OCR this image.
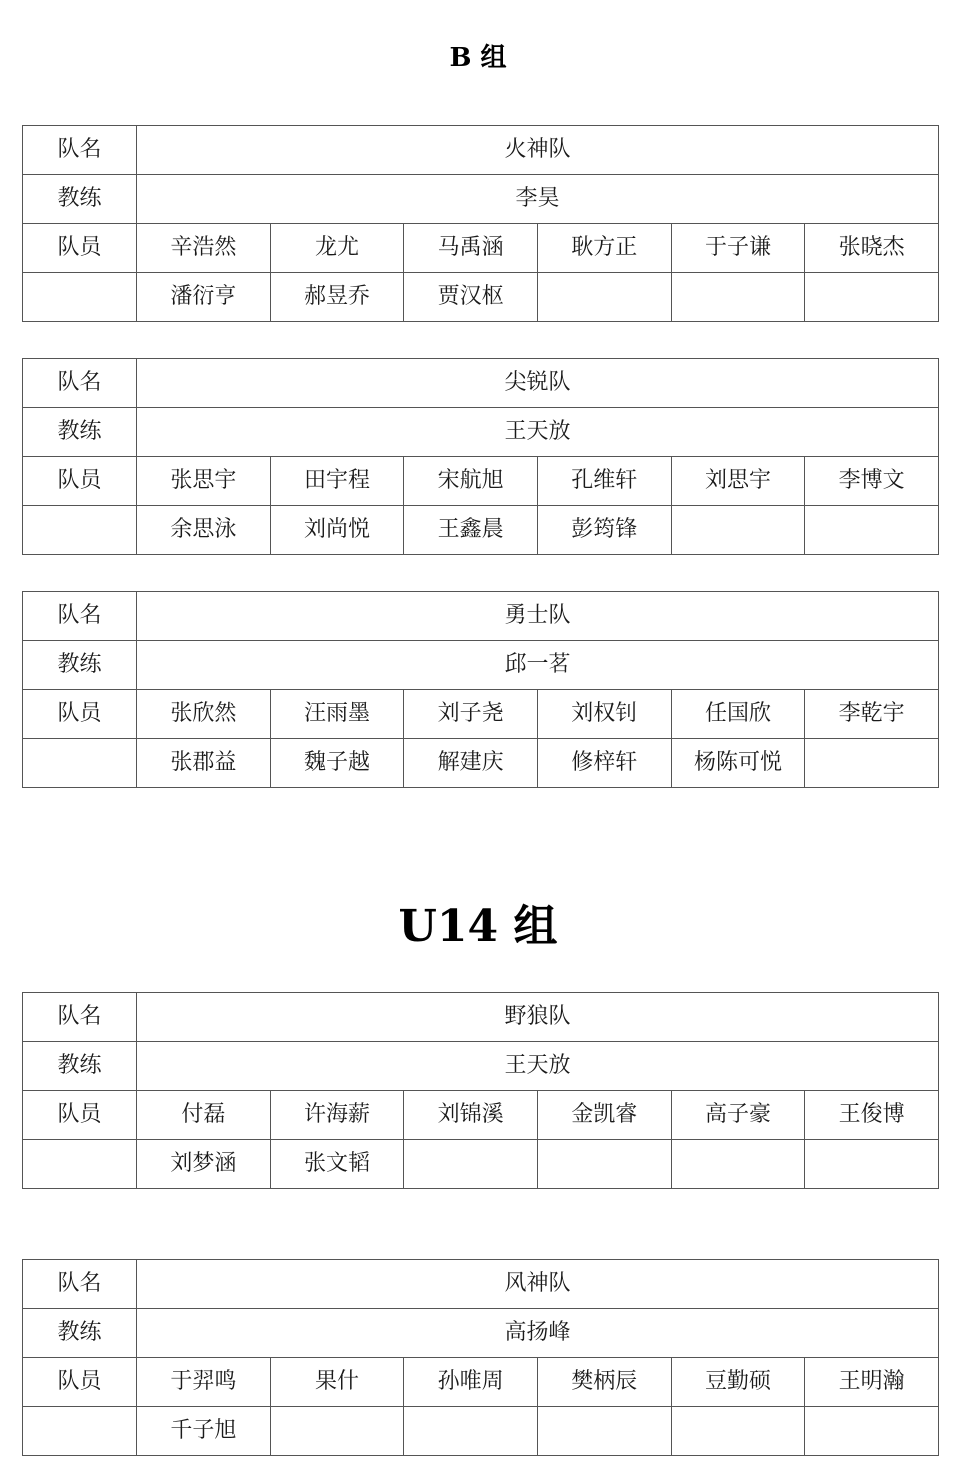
B 组
队名	火神队					
教练	李昊					
队员	辛浩然	龙尤	马禹涵	耿方正	于子谦	张晓杰
	潘衍亨	郝昱乔	贾汉枢			
队名	尖锐队					
教练	王天放					
队员	张思宇	田宇程	宋航旭	孔维轩	刘思宇	李博文
	余思泳	刘尚悦	王鑫晨	彭筠锋		
队名	勇士队					
教练	邱一茗					
队员	张欣然	汪雨墨	刘子尧	刘权钊	任国欣	李乾宇
	张郡益	魏子越	解建庆	修梓轩	杨陈可悦	
U14 组
队名	野狼队					
教练	王天放					
队员	付磊	许海薪	刘锦溪	金凯睿	高子豪	王俊博
	刘梦涵	张文韬				
队名	风神队					
教练	高扬峰					
队员	于羿鸣	果什	孙唯周	樊柄辰	豆勤硕	王明瀚
	千子旭					
